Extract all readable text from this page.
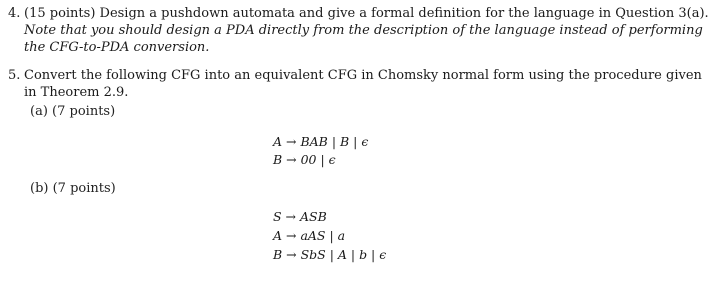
4. (15 points) Design a pushdown automata and give a formal definition for the language in Question 3(a).
Note that you should design a PDA directly from the description of the language instead of performing
the CFG-to-PDA conversion.
5. Convert the following CFG into an equivalent CFG in Chomsky normal form using the procedure given
in Theorem 2.9.
(a) (7 points)
A → BAB | B | ϵ
B → 00 | ϵ
(b) (7 points)
S → ASB
A → aAS | a
B → SbS | A | b | ϵ
